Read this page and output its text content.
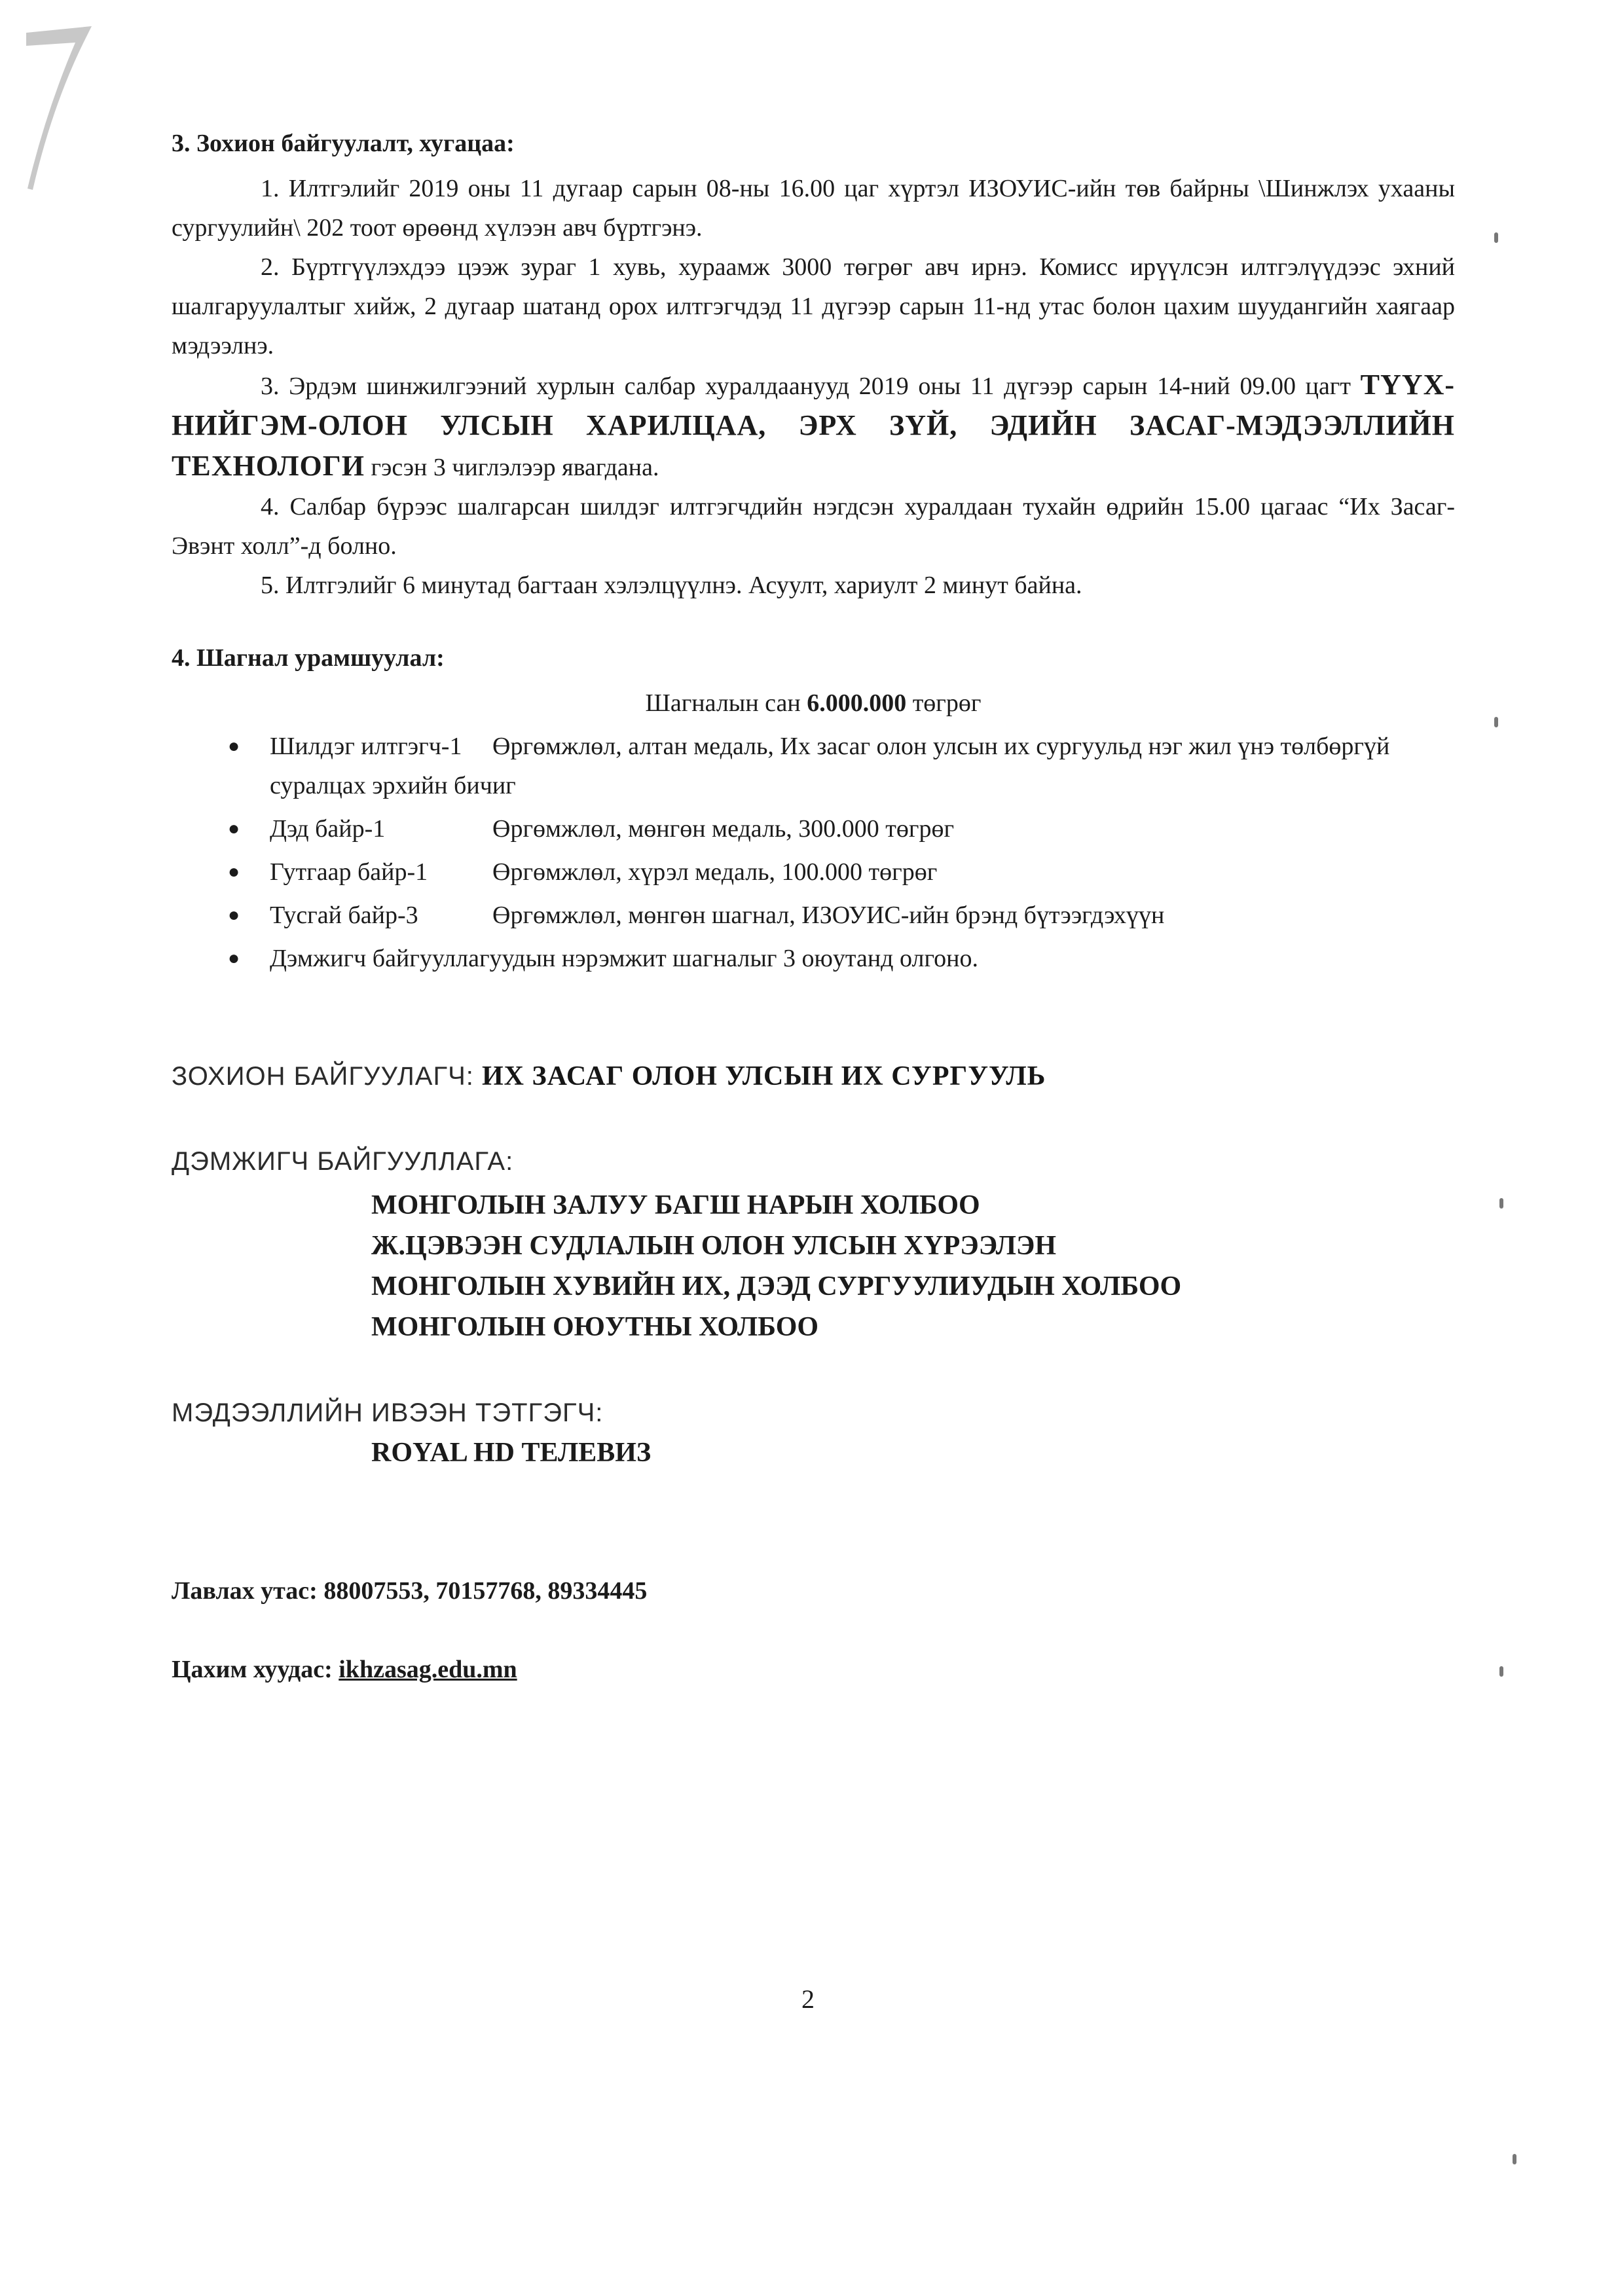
3. Зохион байгуулалт, хугацаа:

1. Илтгэлийг 2019 оны 11 дугаар сарын 08-ны 16.00 цаг хүртэл ИЗОУИС-ийн төв байрны \Шинжлэх ухааны сургуулийн\ 202 тоот өрөөнд хүлээн авч бүртгэнэ.

2. Бүртгүүлэхдээ цээж зураг 1 хувь, хураамж 3000 төгрөг авч ирнэ. Комисс ирүүлсэн илтгэлүүдээс эхний шалгаруулалтыг хийж, 2 дугаар шатанд орох илтгэгчдэд 11 дүгээр сарын 11-нд утас болон цахим шуудангийн хаягаар мэдээлнэ.

3. Эрдэм шинжилгээний хурлын салбар хуралдаанууд 2019 оны 11 дүгээр сарын 14-ний 09.00 цагт ТҮҮХ-НИЙГЭМ-ОЛОН УЛСЫН ХАРИЛЦАА, ЭРХ ЗҮЙ, ЭДИЙН ЗАСАГ-МЭДЭЭЛЛИЙН ТЕХНОЛОГИ гэсэн 3 чиглэлээр явагдана.

4. Салбар бүрээс шалгарсан шилдэг илтгэгчдийн нэгдсэн хуралдаан тухайн өдрийн 15.00 цагаас “Их Засаг- Эвэнт холл”-д болно.

5. Илтгэлийг 6 минутад багтаан хэлэлцүүлнэ. Асуулт, хариулт 2 минут байна.

4. Шагнал урамшуулал:
Шагналын сан 6.000.000 төгрөг
● Шилдэг илтгэгч-1 Өргөмжлөл, алтан медаль, Их засаг олон улсын их сургуульд нэг жил үнэ төлбөргүй суралцах эрхийн бичиг
● Дэд байр-1	Өргөмжлөл, мөнгөн медаль, 300.000 төгрөг
● Гутгаар байр-1	Өргөмжлөл, хүрэл медаль, 100.000 төгрөг
● Тусгай байр-3	Өргөмжлөл, мөнгөн шагнал, ИЗОУИС-ийн брэнд бүтээгдэхүүн
● Дэмжигч байгууллагуудын нэрэмжит шагналыг 3 оюутанд олгоно.
ЗОХИОН БАЙГУУЛАГЧ: ИХ ЗАСАГ ОЛОН УЛСЫН ИХ СУРГУУЛЬ
ДЭМЖИГЧ БАЙГУУЛЛАГА:
МОНГОЛЫН ЗАЛУУ БАГШ НАРЫН ХОЛБОО
Ж.ЦЭВЭЭН СУДЛАЛЫН ОЛОН УЛСЫН ХҮРЭЭЛЭН
МОНГОЛЫН ХУВИЙН ИХ, ДЭЭД СУРГУУЛИУДЫН ХОЛБОО
МОНГОЛЫН ОЮУТНЫ ХОЛБОО
МЭДЭЭЛЛИЙН ИВЭЭН ТЭТГЭГЧ:
ROYAL HD ТЕЛЕВИЗ
Лавлах утас: 88007553, 70157768, 89334445
Цахим хуудас: ikhzasag.edu.mn
2
